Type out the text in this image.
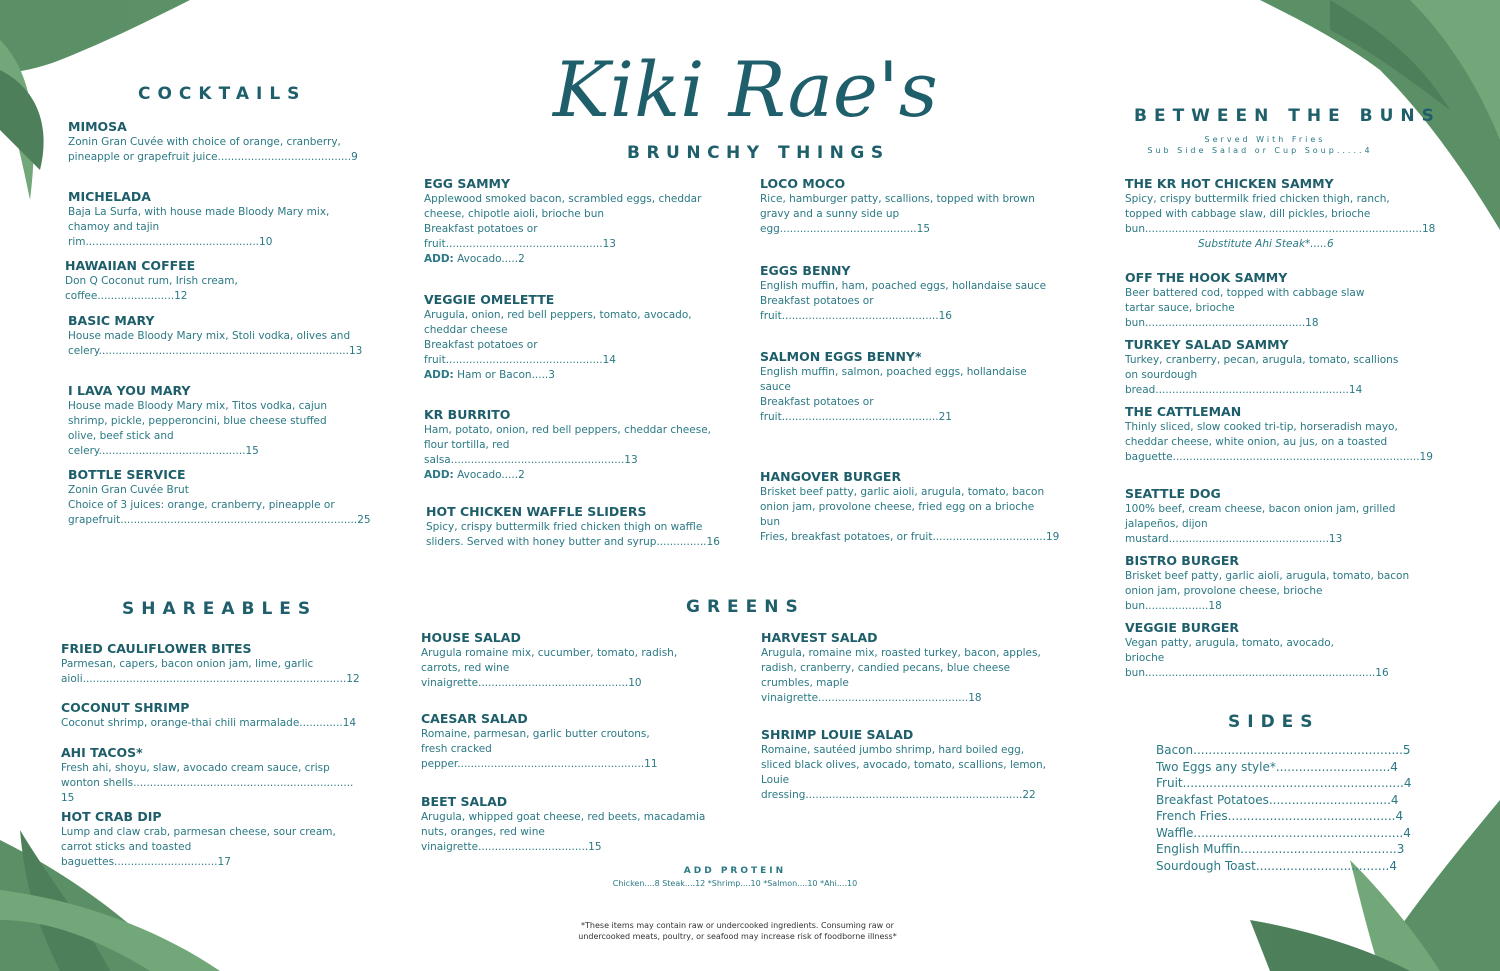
Kiki Rae's
BRUNCHY THINGS
COCKTAILS
MIMOSA
Zonin Gran Cuvée with choice of orange, cranberry,
pineapple or grapefruit juice........................................9
MICHELADA
Baja La Surfa, with house made Bloody Mary mix,
chamoy and tajin rim....................................................10
HAWAIIAN COFFEE
Don Q Coconut rum, Irish cream, coffee.......................12
BASIC MARY
House made Bloody Mary mix, Stoli vodka, olives and
celery...........................................................................13
I LAVA YOU MARY
House made Bloody Mary mix, Titos vodka, cajun
shrimp, pickle, pepperoncini, blue cheese stuffed
olive, beef stick and celery............................................15
BOTTLE SERVICE
Zonin Gran Cuvée Brut
Choice of 3 juices: orange, cranberry, pineapple or
grapefruit.......................................................................25
SHAREABLES
FRIED CAULIFLOWER BITES
Parmesan, capers, bacon onion jam, lime, garlic
aioli...............................................................................12
COCONUT SHRIMP
Coconut shrimp, orange-thai chili marmalade.............14
AHI TACOS*
Fresh ahi, shoyu, slaw, avocado cream sauce, crisp
wonton shells.................................................................. 15
HOT CRAB DIP
Lump and claw crab, parmesan cheese, sour cream,
carrot sticks and toasted baguettes...............................17
EGG SAMMY
Applewood smoked bacon, scrambled eggs, cheddar
cheese, chipotle aioli, brioche bun
Breakfast potatoes or fruit...............................................13
ADD: Avocado.....2
VEGGIE OMELETTE
Arugula, onion, red bell peppers, tomato, avocado,
cheddar cheese
Breakfast potatoes or fruit...............................................14
ADD: Ham or Bacon.....3
KR BURRITO
Ham, potato, onion, red bell peppers, cheddar cheese,
flour tortilla, red salsa....................................................13
ADD: Avocado.....2
HOT CHICKEN WAFFLE SLIDERS
Spicy, crispy buttermilk fried chicken thigh on waffle
sliders. Served with honey butter and syrup...............16
LOCO MOCO
Rice, hamburger patty, scallions, topped with brown
gravy and a sunny side up egg.........................................15
EGGS BENNY
English muffin, ham, poached eggs, hollandaise sauce
Breakfast potatoes or fruit...............................................16
SALMON EGGS BENNY*
English muffin, salmon, poached eggs, hollandaise
sauce
Breakfast potatoes or fruit...............................................21
HANGOVER BURGER
Brisket beef patty, garlic aioli, arugula, tomato, bacon
onion jam, provolone cheese, fried egg on a brioche
bun
Fries, breakfast potatoes, or fruit..................................19
GREENS
HOUSE SALAD
Arugula romaine mix, cucumber, tomato, radish,
carrots, red wine vinaigrette.............................................10
CAESAR SALAD
Romaine, parmesan, garlic butter croutons,
fresh cracked pepper........................................................11
BEET SALAD
Arugula, whipped goat cheese, red beets, macadamia
nuts, oranges, red wine vinaigrette.................................15
HARVEST SALAD
Arugula, romaine mix, roasted turkey, bacon, apples,
radish, cranberry, candied pecans, blue cheese
crumbles, maple vinaigrette.............................................18
SHRIMP LOUIE SALAD
Romaine, sautéed jumbo shrimp, hard boiled egg,
sliced black olives, avocado, tomato, scallions, lemon,
Louie dressing.................................................................22
ADD PROTEIN
Chicken....8 Steak....12 *Shrimp....10 *Salmon....10 *Ahi....10
*These items may contain raw or undercooked ingredients. Consuming raw or
undercooked meats, poultry, or seafood may increase risk of foodborne illness*
BETWEEN THE BUNS
Served With Fries
Sub Side Salad or Cup Soup.....4
THE KR HOT CHICKEN SAMMY
Spicy, crispy buttermilk fried chicken thigh, ranch,
topped with cabbage slaw, dill pickles, brioche
bun...................................................................................18
Substitute Ahi Steak*.....6
OFF THE HOOK SAMMY
Beer battered cod, topped with cabbage slaw
tartar sauce, brioche bun................................................18
TURKEY SALAD SAMMY
Turkey, cranberry, pecan, arugula, tomato, scallions
on sourdough bread..........................................................14
THE CATTLEMAN
Thinly sliced, slow cooked tri-tip, horseradish mayo,
cheddar cheese, white onion, au jus, on a toasted
baguette..........................................................................19
SEATTLE DOG
100% beef, cream cheese, bacon onion jam, grilled
jalapeños, dijon mustard................................................13
BISTRO BURGER
Brisket beef patty, garlic aioli, arugula, tomato, bacon
onion jam, provolone cheese, brioche bun...................18
VEGGIE BURGER
Vegan patty, arugula, tomato, avocado,
brioche bun.....................................................................16
SIDES
Bacon.......................................................5
Two Eggs any style*..............................4
Fruit..........................................................4
Breakfast Potatoes................................4
French Fries............................................4
Waffle.......................................................4
English Muffin.........................................3
Sourdough Toast...................................4
